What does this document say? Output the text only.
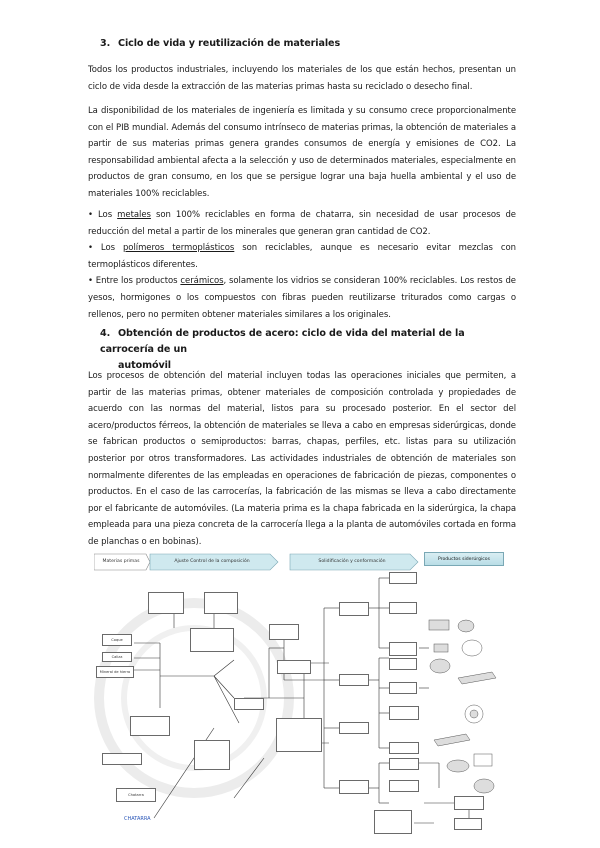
3. Ciclo de vida y reutilización de materiales
Todos los productos industriales, incluyendo los materiales de los que están hechos, presentan un ciclo de vida desde la extracción de las materias primas hasta su reciclado o desecho final.
La disponibilidad de los materiales de ingeniería es limitada y su consumo crece proporcionalmente con el PIB mundial. Además del consumo intrínseco de materias primas, la obtención de materiales a partir de sus materias primas genera grandes consumos de energía y emisiones de CO2. La responsabilidad ambiental afecta a la selección y uso de determinados materiales, especialmente en productos de gran consumo, en los que se persigue lograr una baja huella ambiental y el uso de materiales 100% reciclables.
• Los metales son 100% reciclables en forma de chatarra, sin necesidad de usar procesos de reducción del metal a partir de los minerales que generan gran cantidad de CO2.
• Los polímeros termoplásticos son reciclables, aunque es necesario evitar mezclas con termoplásticos diferentes.
• Entre los productos cerámicos, solamente los vidrios se consideran 100% reciclables. Los restos de yesos, hormigones o los compuestos con fibras pueden reutilizarse triturados como cargas o rellenos, pero no permiten obtener materiales similares a los originales.
4. Obtención de productos de acero: ciclo de vida del material de la carrocería de un
automóvil
Los procesos de obtención del material incluyen todas las operaciones iniciales que permiten, a partir de las materias primas, obtener materiales de composición controlada y propiedades de acuerdo con las normas del material, listos para su procesado posterior. En el sector del acero/productos férreos, la obtención de materiales se lleva a cabo en empresas siderúrgicas, donde se fabrican productos o semiproductos: barras, chapas, perfiles, etc. listas para su utilización posterior por otros transformadores. Las actividades industriales de obtención de materiales son normalmente diferentes de las empleadas en operaciones de fabricación de piezas, componentes o productos. En el caso de las carrocerías, la fabricación de las mismas se lleva a cabo directamente por el fabricante de automóviles. (La materia prima es la chapa fabricada en la siderúrgica, la chapa empleada para una pieza concreta de la carrocería llega a la planta de automóviles cortada en forma de planchas o en bobinas).
Materias primas	Ajuste Control de la composición	Solidificación y conformación	Productos siderúrgicos
Coque
Caliza
Mineral de hierro
Chatarra
CHATARRA
